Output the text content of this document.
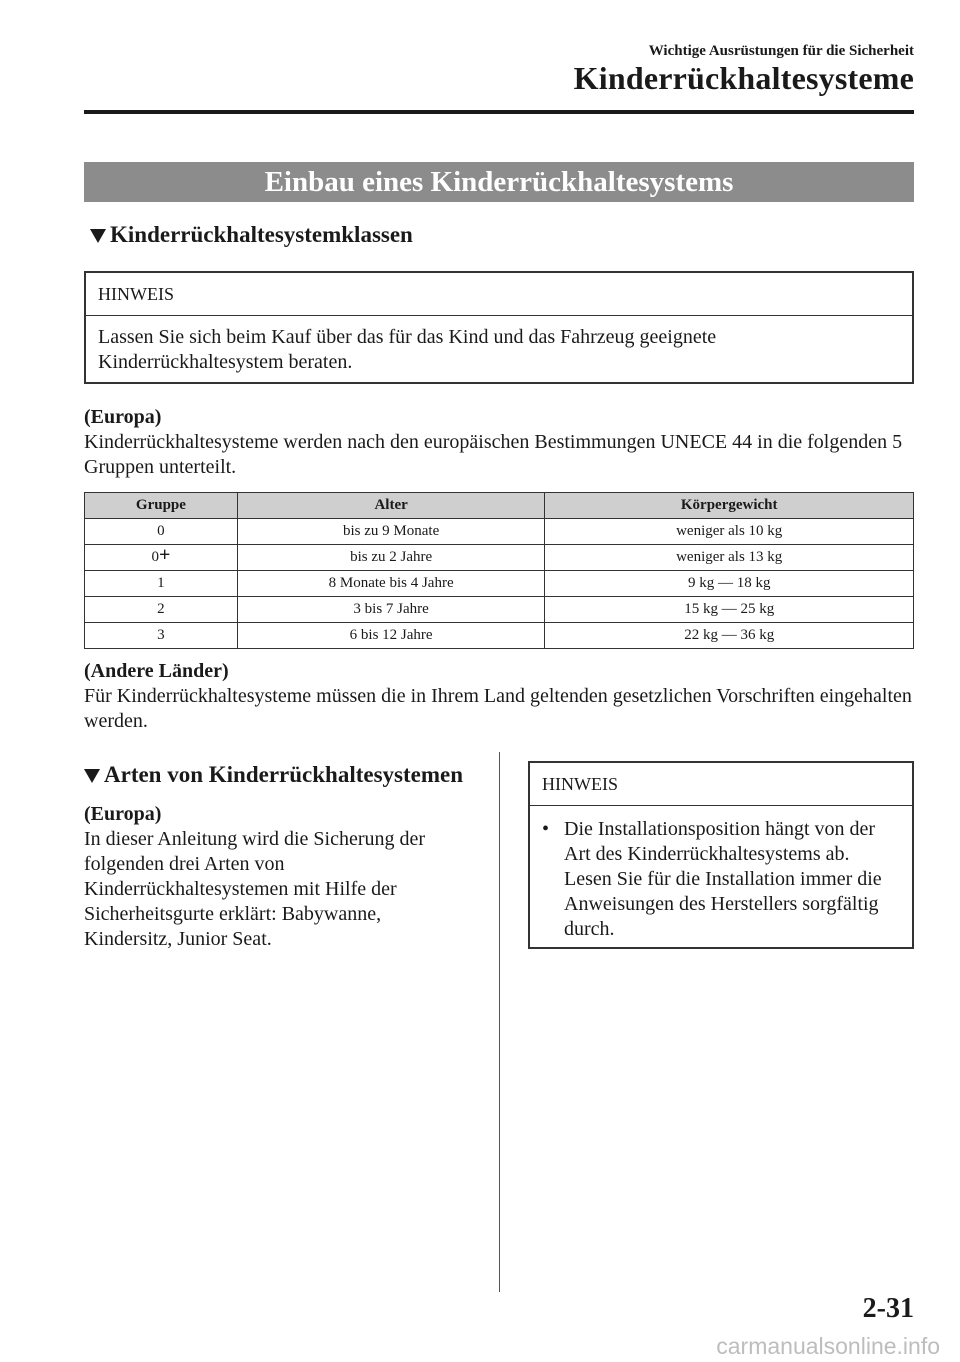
Wichtige Ausrüstungen für die Sicherheit
Kinderrückhaltesysteme
Einbau eines Kinderrückhaltesystems
Kinderrückhaltesystemklassen
HINWEIS
Lassen Sie sich beim Kauf über das für das Kind und das Fahrzeug geeignete Kinderrückhaltesystem beraten.
(Europa)
Kinderrückhaltesysteme werden nach den europäischen Bestimmungen UNECE 44 in die folgenden 5 Gruppen unterteilt.
Gruppe	Alter	Körpergewicht
0	bis zu 9 Monate	weniger als 10 kg
0+	bis zu 2 Jahre	weniger als 13 kg
1	8 Monate bis 4 Jahre	9 kg — 18 kg
2	3 bis 7 Jahre	15 kg — 25 kg
3	6 bis 12 Jahre	22 kg — 36 kg
(Andere Länder)
Für Kinderrückhaltesysteme müssen die in Ihrem Land geltenden gesetzlichen Vorschriften eingehalten werden.
Arten von Kinderrückhaltesystemen
(Europa)
In dieser Anleitung wird die Sicherung der folgenden drei Arten von Kinderrückhaltesystemen mit Hilfe der Sicherheitsgurte erklärt: Babywanne, Kindersitz, Junior Seat.
HINWEIS
• Die Installationsposition hängt von der Art des Kinderrückhaltesystems ab. Lesen Sie für die Installation immer die Anweisungen des Herstellers sorgfältig durch.
2-31
carmanualsonline.info
